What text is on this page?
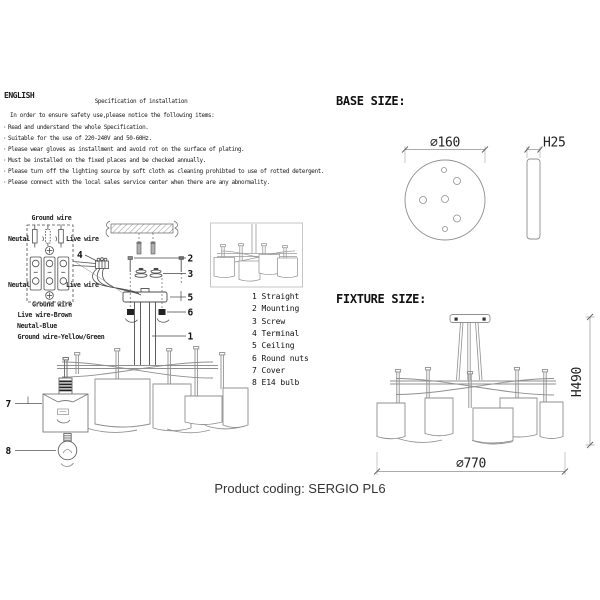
Ground wire
Neutal	Live wire
Neutal	Live wire
Ground wire
Live wire-Brown
Neutal-Blue
Ground wire-Yellow/Green
2
3
5
6
1
4
7
8
BASE SIZE:
∅160	H25
FIXTURE SIZE:
H490
∅770
ENGLISH
Specification of installation
In order to ensure safety use,please notice the following items:
·Read and understand the whole Specification.
·Suitable for the use of 220-240V and 50-60Hz.
·Please wear gloves as installment and avoid rot on the surface of plating.
·Must be installed on the fixed places and be checked annually.
·Please turn off the lighting source by soft cloth as cleaning prohibted to use of rotted detergent.
·Please connect with the local sales service center when there are any abnormality.
1 Straight
2 Mounting
3 Screw
4 Terminal
5 Ceiling
6 Round nuts
7 Cover
8 E14 bulb
Product coding: SERGIO PL6
